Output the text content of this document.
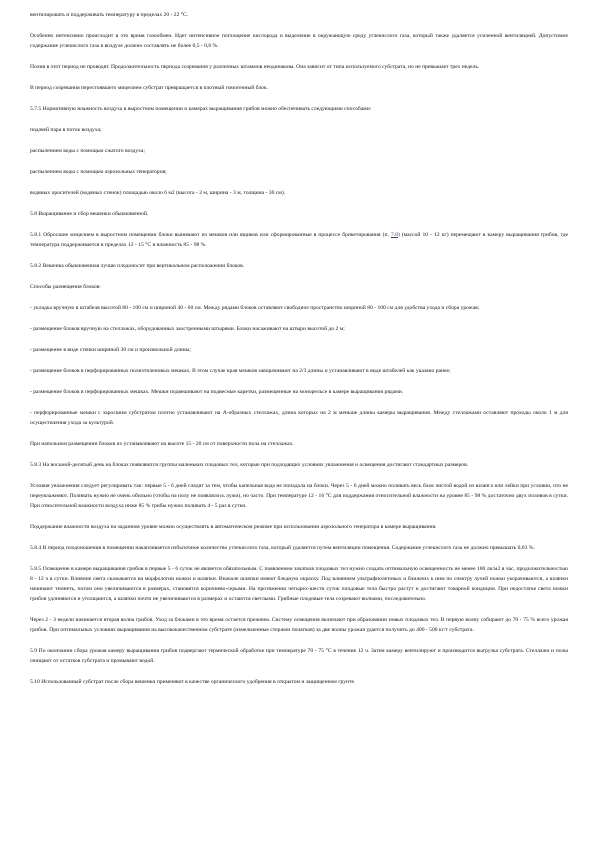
вентилировать и поддерживать температуру в пределах 20 - 22 °С.

Особенно интенсивно происходит в это время газообмен. Идет интенсивное поглощение кислорода и выделение в окружающую среду углекислого газа, который также удаляется усиленной вентиляцией. Допустимое содержание углекислого газа в воздухе должно составлять не более 0,5 - 0,6 %.

Полив в этот период не проводят. Продолжительность периода созревания у различных штаммов неодинакова. Она зависит от типа используемого субстрата, но не превышает трех недель.

В период созревания перестоявшего мицелием субстрат превращается в плотный гомогенный блок.

5.7.5 Нормативную влажность воздуха в выростном помещении и камерах выращивания грибов можно обеспечивать следующими способами:

подачей пара в поток воздуха;

распылением воды с помощью сжатого воздуха;

распылением воды с помощью аэрозольных генераторов;

водяных оросителей (водяных стенок) площадью около 6 м2 (высота - 2 м, ширина - 3 м, толщина - 30 см).

5.8 Выращивание и сбор вешенки обыкновенной.

5.8.1 Обросшие мицелием в выростном помещении блоки вынимают из мешков или ящиков или сформированные в процессе брикетирования (п. 7.8) (массой 10 - 12 кг) перемещают в камеру выращивания грибов, где температура поддерживается в пределах 12 - 15 °С и влажность 85 - 98 %.

5.8.2 Вешенка обыкновенная лучше плодоносит при вертикальном расположении блоков.

Способы размещения блоков:

- укладка вручную в штабеля высотой 80 - 100 см и шириной 40 - 60 см. Между рядами блоков оставляют свободное пространство шириной 80 - 100 см для удобства ухода и сбора урожая;

- размещение блоков вручную на стеллажах, оборудованных заостренными штырями. Блоки насаживают на штыри высотой до 2 м;

- размещение в виде стенки шириной 30 см и произвольной длины;

- размещение блоков в перфорированных полиэтиленовых мешках. В этом случае края мешков заворачивают на 2/3 длины и устанавливают в виде штабелей как указано ранее;

- размещение блоков в перфорированных мешках. Мешки подвешивают на подвесные каретки, размещенные на монорельсе в камере выращивания рядами.

- перфорированные мешки с заросшим субстратом плотно устанавливают на А-образных стеллажах, длина которых на 2 м меньше длины камеры выращивания. Между стеллажами оставляют проходы около 1 м для осуществления ухода за культурой.

При напольном размещении блоков их устанавливают на высоте 15 - 20 см от поверхности пола на стеллажах.

5.8.3 На восьмой-десятый день на блоках появляются группы маленьких плодовых тел, которые при подходящих условиях увлажнения и освещения достигают стандартных размеров.

Условия увлажнения следует регулировать так: первые 5 - 6 дней следят за тем, чтобы капельная вода не попадала на блоки. Через 5 - 6 дней можно поливать весь блок чистой водой из шланга или лейки при условии, что не переувлажняют. Поливать нужно не очень обильно (чтобы на полу не появлялось лужи), но часто. При температуре 12 - 16 °С для поддержания относительной влажности на уровне 85 - 98 % достаточно двух поливов в сутки. При относительной влажности воздуха ниже 85 % грибы нужно поливать 4 - 5 раз в сутки.

Поддержание влажности воздуха на заданном уровне можно осуществлять в автоматическом режиме при использовании аэрозольного генератора в камере выращивания.

5.8.4 В период плодоношения в помещении накапливается избыточное количество углекислого газа, который удаляется путем вентиляции помещения. Содержание углекислого газа не должно превышать 0,03 %.

5.8.5 Освещение в камере выращивания грибов в первые 5 - 6 суток не является обязательным. С появлением зачатков плодовых тел нужно создать оптимальную освещенность не менее 100 лк/м2 в час, продолжительностью 8 - 12 ч в сутки. Влияние света сказывается на морфологии ножки и шляпки. Вначале шляпки имеют бледную окраску. Под влиянием ультрафиолетовых и ближних к ним по спектру лучей ножки укорачиваются, а шляпки начинают темнеть, потом они увеличиваются в размерах, становятся коричнево-серыми. На протяжении четырех-шести суток плодовые тела быстро растут и достигают товарной кондиции. При недостатке света ножки грибов удлиняются и утолщаются, а шляпки почти не увеличиваются в размерах и остаются светлыми. Грибные плодовые тела созревают волнами, последовательно.

Через 2 - 3 недели начинается вторая волна грибов. Уход за блоками в это время остается прежним. Систему освещения включают при образовании новых плодовых тел. В первую волну собирают до 70 - 75 % всего урожая грибов. При оптимальных условиях выращивания на высококачественном субстрате (измельченные стержни початков) за две волны урожая удается получить до 400 - 500 кг/т субстрата.

5.9 По окончании сбора урожая камеру выращивания грибов подвергают термической обработке при температуре 70 - 75 °С в течение 12 ч. Затем камеру вентилируют и производится выгрузка субстрата. Стеллажи и полы очищают от остатков субстрата и промывают водой.

5.10 Использованный субстрат после сбора вешенки применяют в качестве органического удобрения в открытом и защищенном грунте.
